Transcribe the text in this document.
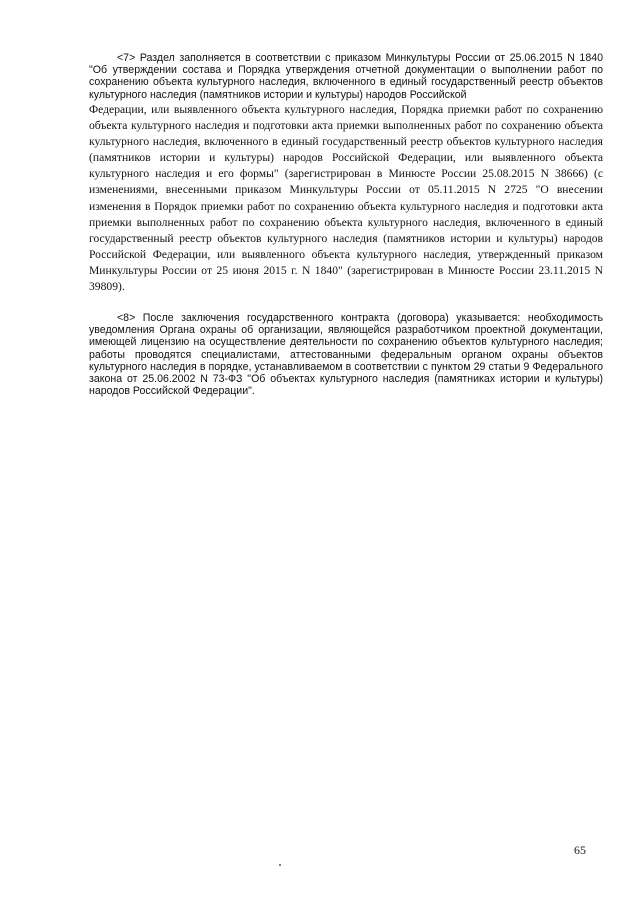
<7> Раздел заполняется в соответствии с приказом Минкультуры России от 25.06.2015 N 1840 "Об утверждении состава и Порядка утверждения отчетной документации о выполнении работ по сохранению объекта культурного наследия, включенного в единый государственный реестр объектов культурного наследия (памятников истории и культуры) народов Российской

Федерации, или выявленного объекта культурного наследия, Порядка приемки работ по сохранению объекта культурного наследия и подготовки акта приемки выполненных работ по сохранению объекта культурного наследия, включенного в единый государственный реестр объектов культурного наследия (памятников истории и культуры) народов Российской Федерации, или выявленного объекта культурного наследия и его формы" (зарегистрирован в Минюсте России 25.08.2015 N 38666) (с изменениями, внесенными приказом Минкультуры России от 05.11.2015 N 2725 "О внесении изменения в Порядок приемки работ по сохранению объекта культурного наследия и подготовки акта приемки выполненных работ по сохранению объекта культурного наследия, включенного в единый государственный реестр объектов культурного наследия (памятников истории и культуры) народов Российской Федерации, или выявленного объекта культурного наследия, утвержденный приказом Минкультуры России от 25 июня 2015 г. N 1840" (зарегистрирован в Минюсте России 23.11.2015 N 39809).

<8> После заключения государственного контракта (договора) указывается: необходимость уведомления Органа охраны об организации, являющейся разработчиком проектной документации, имеющей лицензию на осуществление деятельности по сохранению объектов культурного наследия; работы проводятся специалистами, аттестованными федеральным органом охраны объектов культурного наследия в порядке, устанавливаемом в соответствии с пунктом 29 статьи 9 Федерального закона от 25.06.2002 N 73-ФЗ "Об объектах культурного наследия (памятниках истории и культуры) народов Российской Федерации".

65
